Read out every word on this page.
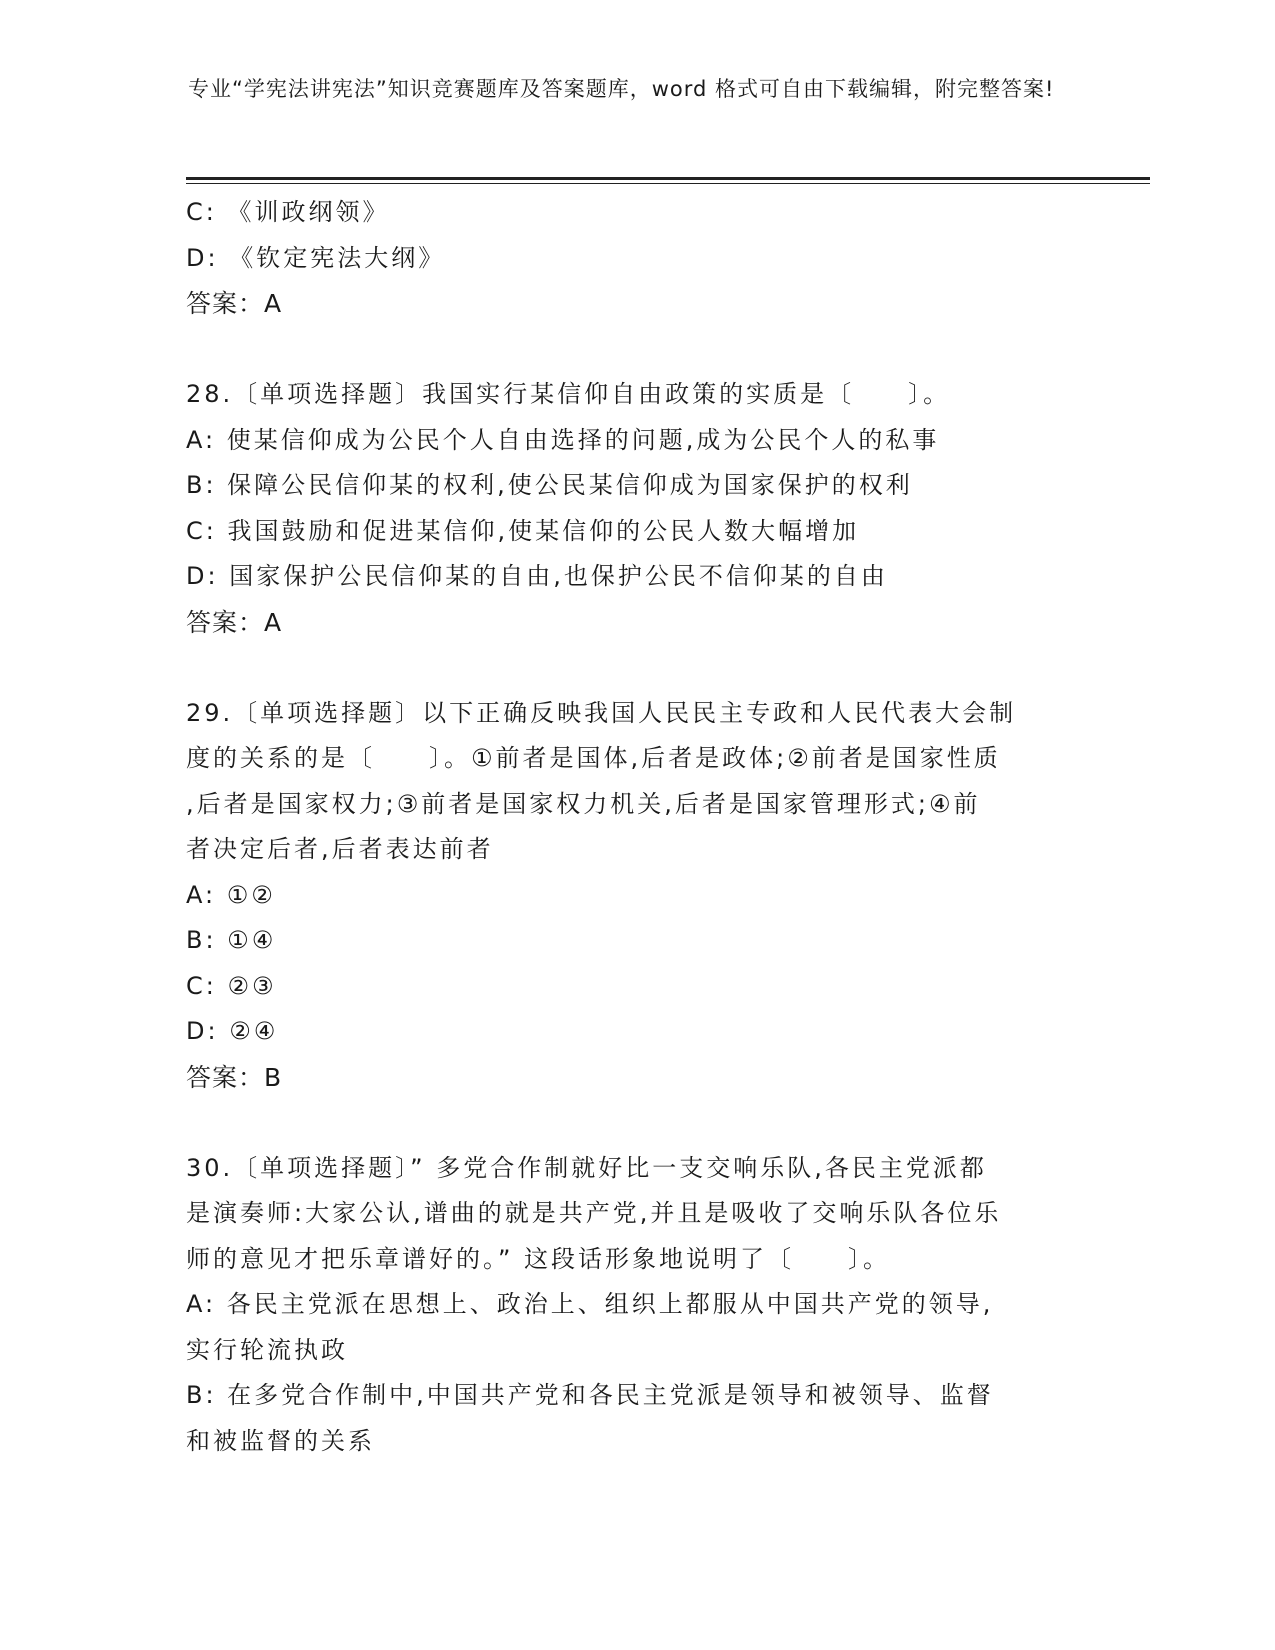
专业“学宪法讲宪法”知识竞赛题库及答案题库，word 格式可自由下载编辑，附完整答案!
C: 《训政纲领》
D: 《钦定宪法大纲》
答案：A
28.〔单项选择题〕我国实行某信仰自由政策的实质是〔　　〕。
A: 使某信仰成为公民个人自由选择的问题,成为公民个人的私事
B: 保障公民信仰某的权利,使公民某信仰成为国家保护的权利
C: 我国鼓励和促进某信仰,使某信仰的公民人数大幅增加
D: 国家保护公民信仰某的自由,也保护公民不信仰某的自由
答案：A
29.〔单项选择题〕以下正确反映我国人民民主专政和人民代表大会制
度的关系的是〔　　〕。①前者是国体,后者是政体;②前者是国家性质
,后者是国家权力;③前者是国家权力机关,后者是国家管理形式;④前
者决定后者,后者表达前者
A: ①②
B: ①④
C: ②③
D: ②④
答案：B
30.〔单项选择题〕” 多党合作制就好比一支交响乐队,各民主党派都
是演奏师:大家公认,谱曲的就是共产党,并且是吸收了交响乐队各位乐
师的意见才把乐章谱好的。” 这段话形象地说明了〔　　〕。
A: 各民主党派在思想上、政治上、组织上都服从中国共产党的领导,
实行轮流执政
B: 在多党合作制中,中国共产党和各民主党派是领导和被领导、监督
和被监督的关系
